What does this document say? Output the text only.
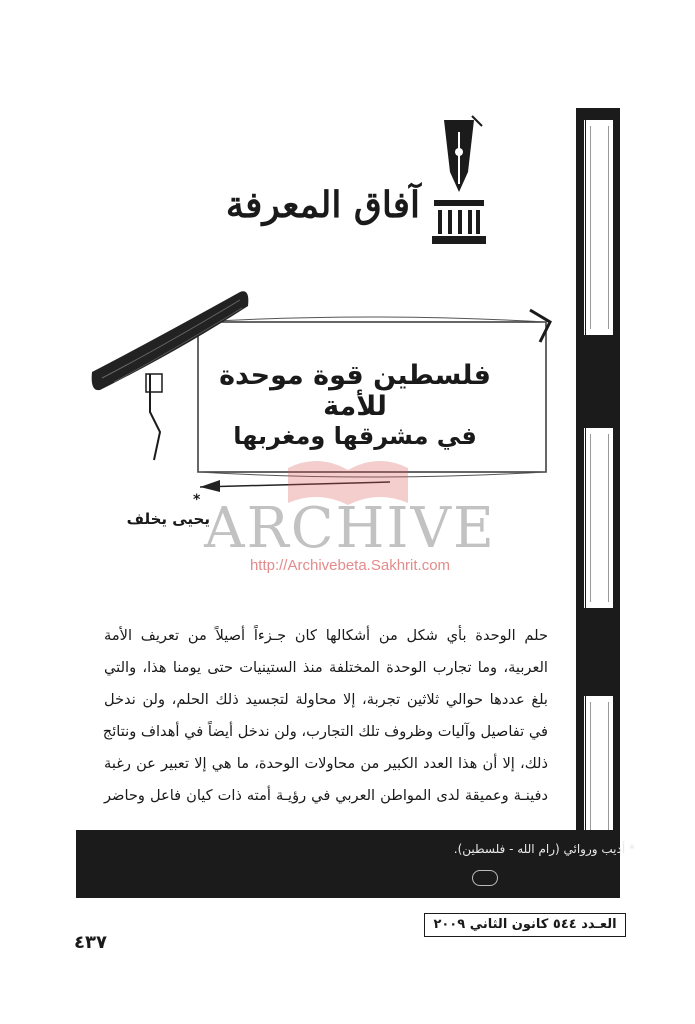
* أديب وروائي (رام الله - فلسطين).
آفاق المعرفة
ARCHIVE
http://Archivebeta.Sakhrit.com
فلسطين قوة موحدة للأمة
في مشرقها ومغربها
يحيى يخلف
*
حلم الوحدة بأي شكل من أشكالها كان جـزءاً أصيلاً من تعريف الأمة
العربية، وما تجارب الوحدة المختلفة منذ الستينيات حتى يومنا هذا، والتي
بلغ عددها حوالي ثلاثين تجربة، إلا محاولة لتجسيد ذلك الحلم، ولن ندخل
في تفاصيل وآليات وظروف تلك التجارب، ولن ندخل أيضاً في أهداف ونتائج
ذلك، إلا أن هذا العدد الكبير من محاولات الوحدة، ما هي إلا تعبير عن رغبة
دفينـة وعميقة لدى المواطن العربي في رؤيـة أمته ذات كيان فاعل وحاضر
العـدد ٥٤٤ كانون الثاني ٢٠٠٩
٤٣٧
